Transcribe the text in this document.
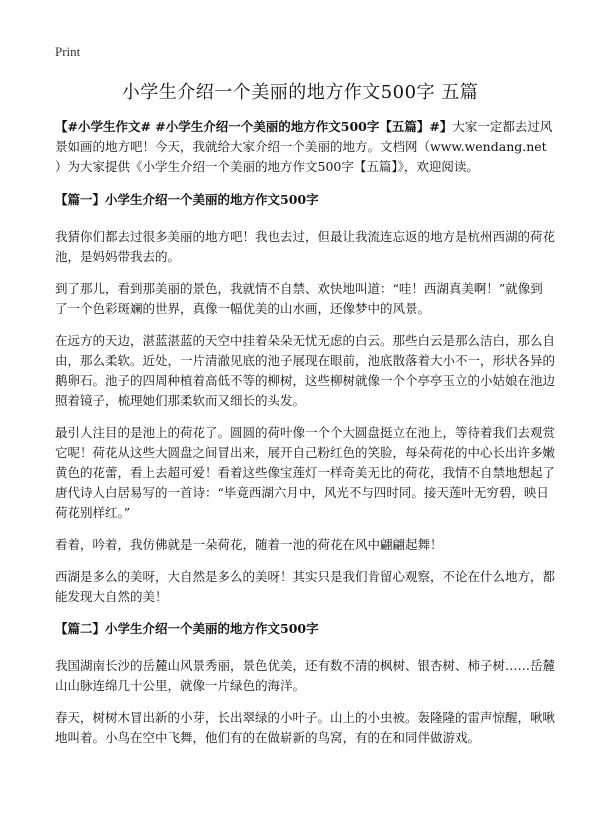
Print
小学生介绍一个美丽的地方作文500字 五篇

【#小学生作文# #小学生介绍一个美丽的地方作文500字【五篇】#】大家一定都去过风景如画的地方吧！今天，我就给大家介绍一个美丽的地方。文档网（www.wendang.net ）为大家提供《小学生介绍一个美丽的地方作文500字【五篇】》，欢迎阅读。

【篇一】小学生介绍一个美丽的地方作文500字

我猜你们都去过很多美丽的地方吧！我也去过，但最让我流连忘返的地方是杭州西湖的荷花池，是妈妈带我去的。

到了那儿，看到那美丽的景色，我就情不自禁、欢快地叫道：“哇！西湖真美啊！”就像到了一个色彩斑斓的世界，真像一幅优美的山水画，还像梦中的风景。

在远方的天边，湛蓝湛蓝的天空中挂着朵朵无忧无虑的白云。那些白云是那么洁白，那么自由，那么柔软。近处，一片清澈见底的池子展现在眼前，池底散落着大小不一，形状各异的鹅卵石。池子的四周种植着高低不等的柳树，这些柳树就像一个个亭亭玉立的小姑娘在池边照着镜子，梳理她们那柔软而又细长的头发。

最引人注目的是池上的荷花了。圆圆的荷叶像一个个大圆盘挺立在池上，等待着我们去观赏它呢！荷花从这些大圆盘之间冒出来，展开自己粉红色的笑脸，每朵荷花的中心长出许多嫩黄色的花蕾，看上去超可爱！看着这些像宝莲灯一样奇美无比的荷花，我情不自禁地想起了唐代诗人白居易写的一首诗：“毕竟西湖六月中，风光不与四时同。接天莲叶无穷碧，映日荷花别样红。”

看着，吟着，我仿佛就是一朵荷花，随着一池的荷花在风中翩翩起舞！

西湖是多么的美呀，大自然是多么的美呀！其实只是我们肯留心观察，不论在什么地方，都能发现大自然的美！

【篇二】小学生介绍一个美丽的地方作文500字

我国湖南长沙的岳麓山风景秀丽，景色优美，还有数不清的枫树、银杏树、柿子树……岳麓山山脉连绵几十公里，就像一片绿色的海洋。

春天，树树木冒出新的小芽，长出翠绿的小叶子。山上的小虫被。轰隆隆的雷声惊醒，啾啾地叫着。小鸟在空中飞舞，他们有的在做崭新的鸟窝，有的在和同伴做游戏。
